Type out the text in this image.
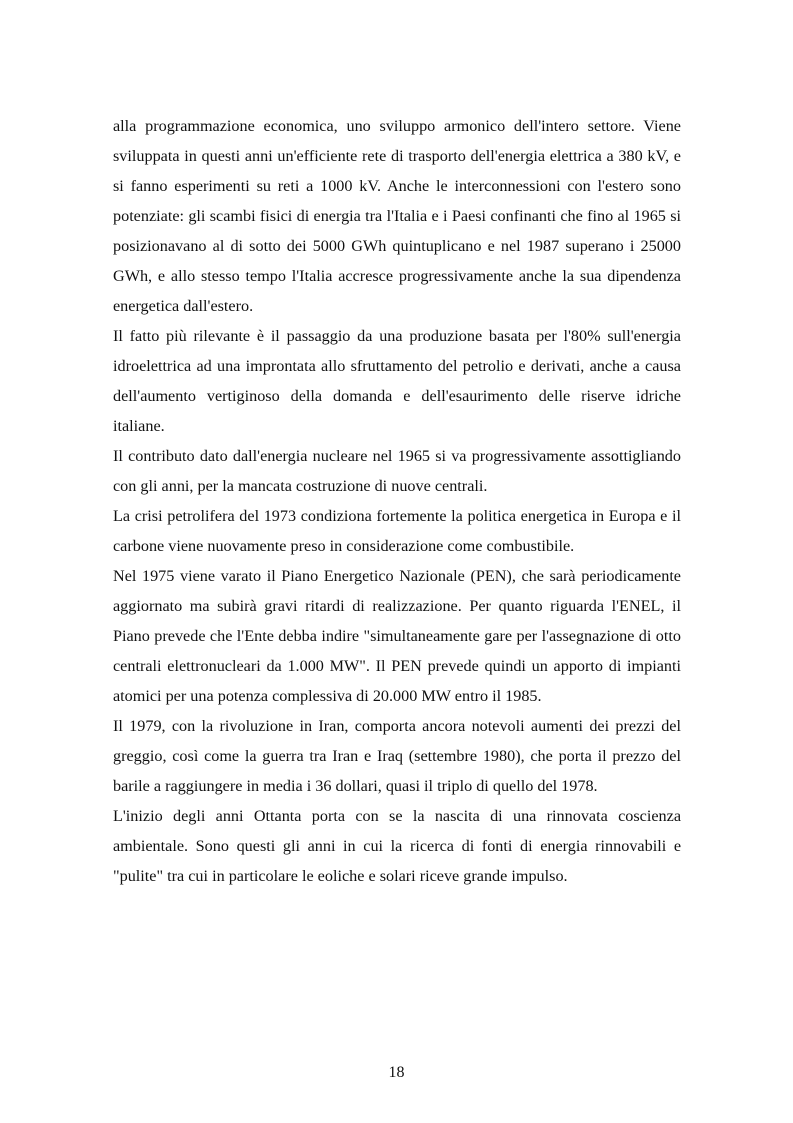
alla programmazione economica, uno sviluppo armonico dell'intero settore. Viene sviluppata in questi anni un'efficiente rete di trasporto dell'energia elettrica a 380 kV, e si fanno esperimenti su reti a 1000 kV. Anche le interconnessioni con l'estero sono potenziate: gli scambi fisici di energia tra l'Italia e i Paesi confinanti che fino al 1965 si posizionavano al di sotto dei 5000 GWh quintuplicano e nel 1987 superano i 25000 GWh, e allo stesso tempo l'Italia accresce progressivamente anche la sua dipendenza energetica dall'estero.

Il fatto più rilevante è il passaggio da una produzione basata per l'80% sull'energia idroelettrica ad una improntata allo sfruttamento del petrolio e derivati, anche a causa dell'aumento vertiginoso della domanda e dell'esaurimento delle riserve idriche italiane.

Il contributo dato dall'energia nucleare nel 1965 si va progressivamente assottigliando con gli anni, per la mancata costruzione di nuove centrali.

La crisi petrolifera del 1973 condiziona fortemente la politica energetica in Europa e il carbone viene nuovamente preso in considerazione come combustibile.

Nel 1975 viene varato il Piano Energetico Nazionale (PEN), che sarà periodicamente aggiornato ma subirà gravi ritardi di realizzazione. Per quanto riguarda l'ENEL, il Piano prevede che l'Ente debba indire "simultaneamente gare per l'assegnazione di otto centrali elettronucleari da 1.000 MW". Il PEN prevede quindi un apporto di impianti atomici per una potenza complessiva di 20.000 MW entro il 1985.

Il 1979, con la rivoluzione in Iran, comporta ancora notevoli aumenti dei prezzi del greggio, così come la guerra tra Iran e Iraq (settembre 1980), che porta il prezzo del barile a raggiungere in media i 36 dollari, quasi il triplo di quello del 1978.

L'inizio degli anni Ottanta porta con se la nascita di una rinnovata coscienza ambientale. Sono questi gli anni in cui la ricerca di fonti di energia rinnovabili e "pulite" tra cui in particolare le eoliche e solari riceve grande impulso.

18
